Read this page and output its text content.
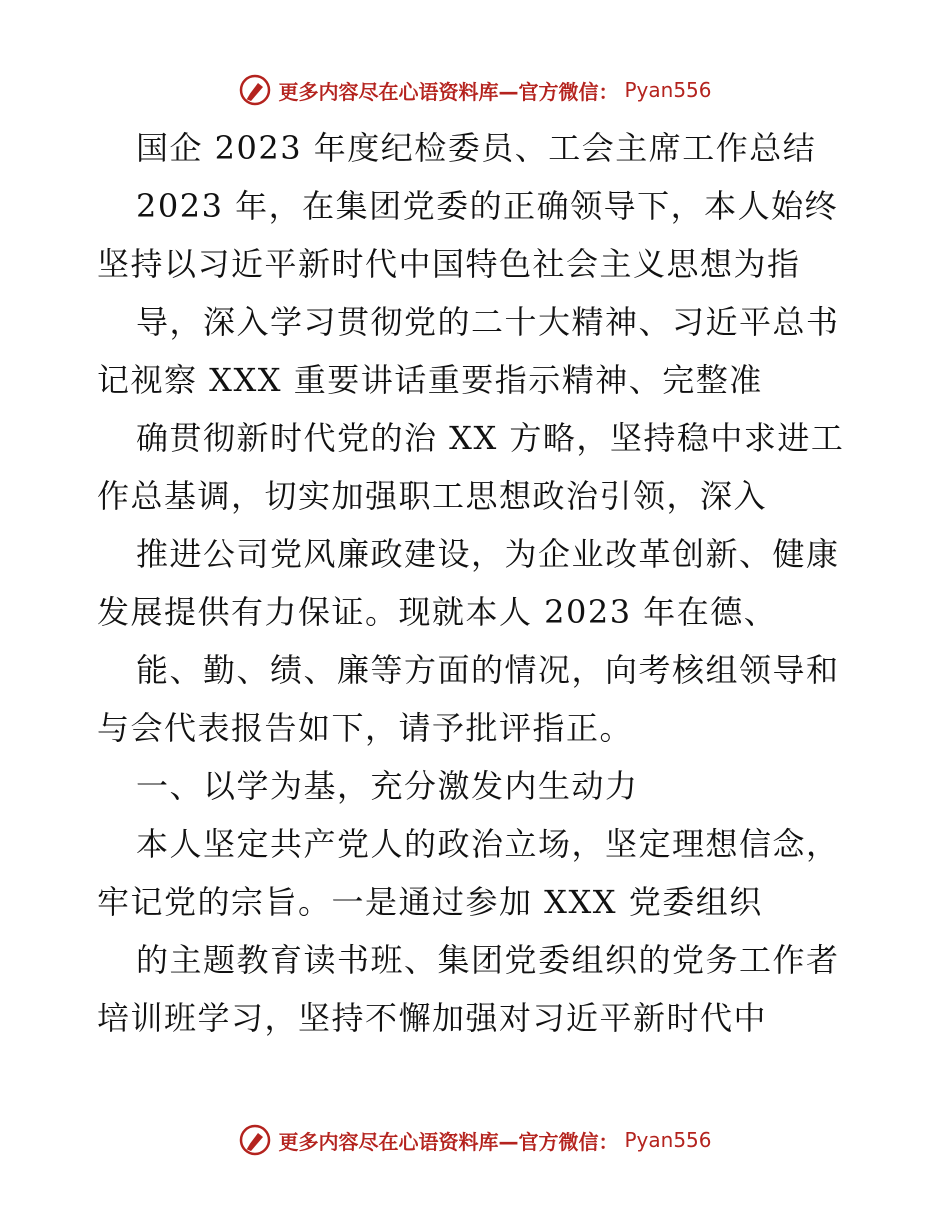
更多内容尽在心语资料库—官方微信： Pyan556
国企 2023 年度纪检委员、工会主席工作总结
2023 年，在集团党委的正确领导下，本人始终
坚持以习近平新时代中国特色社会主义思想为指
导，深入学习贯彻党的二十大精神、习近平总书
记视察 XXX 重要讲话重要指示精神、完整准
确贯彻新时代党的治 XX 方略，坚持稳中求进工
作总基调，切实加强职工思想政治引领，深入
推进公司党风廉政建设，为企业改革创新、健康
发展提供有力保证。现就本人 2023 年在德、
能、勤、绩、廉等方面的情况，向考核组领导和
与会代表报告如下，请予批评指正。
一、以学为基，充分激发内生动力
本人坚定共产党人的政治立场，坚定理想信念，
牢记党的宗旨。一是通过参加 XXX 党委组织
的主题教育读书班、集团党委组织的党务工作者
培训班学习，坚持不懈加强对习近平新时代中
更多内容尽在心语资料库—官方微信： Pyan556
